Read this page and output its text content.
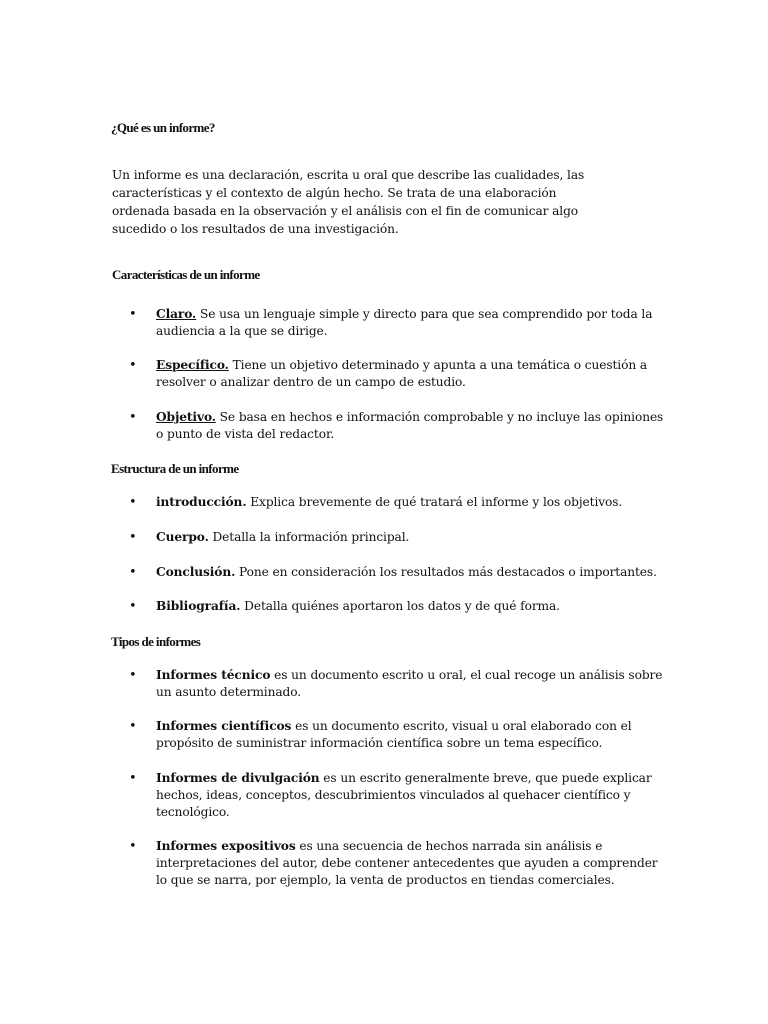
¿Qué es un informe?

Un informe es una declaración, escrita u oral que describe las cualidades, las características y el contexto de algún hecho. Se trata de una elaboración ordenada basada en la observación y el análisis con el fin de comunicar algo sucedido o los resultados de una investigación.

Características de un informe
• Claro. Se usa un lenguaje simple y directo para que sea comprendido por toda la audiencia a la que se dirige.
• Específico. Tiene un objetivo determinado y apunta a una temática o cuestión a resolver o analizar dentro de un campo de estudio.
• Objetivo. Se basa en hechos e información comprobable y no incluye las opiniones o punto de vista del redactor.
Estructura de un informe
• introducción. Explica brevemente de qué tratará el informe y los objetivos.
• Cuerpo. Detalla la información principal.
• Conclusión. Pone en consideración los resultados más destacados o importantes.
• Bibliografía. Detalla quiénes aportaron los datos y de qué forma.
Tipos de informes
• Informes técnico es un documento escrito u oral, el cual recoge un análisis sobre un asunto determinado.
• Informes científicos es un documento escrito, visual u oral elaborado con el propósito de suministrar información científica sobre un tema específico.
• Informes de divulgación es un escrito generalmente breve, que puede explicar hechos, ideas, conceptos, descubrimientos vinculados al quehacer científico y tecnológico.
• Informes expositivos es una secuencia de hechos narrada sin análisis e interpretaciones del autor, debe contener antecedentes que ayuden a comprender lo que se narra, por ejemplo, la venta de productos en tiendas comerciales.
